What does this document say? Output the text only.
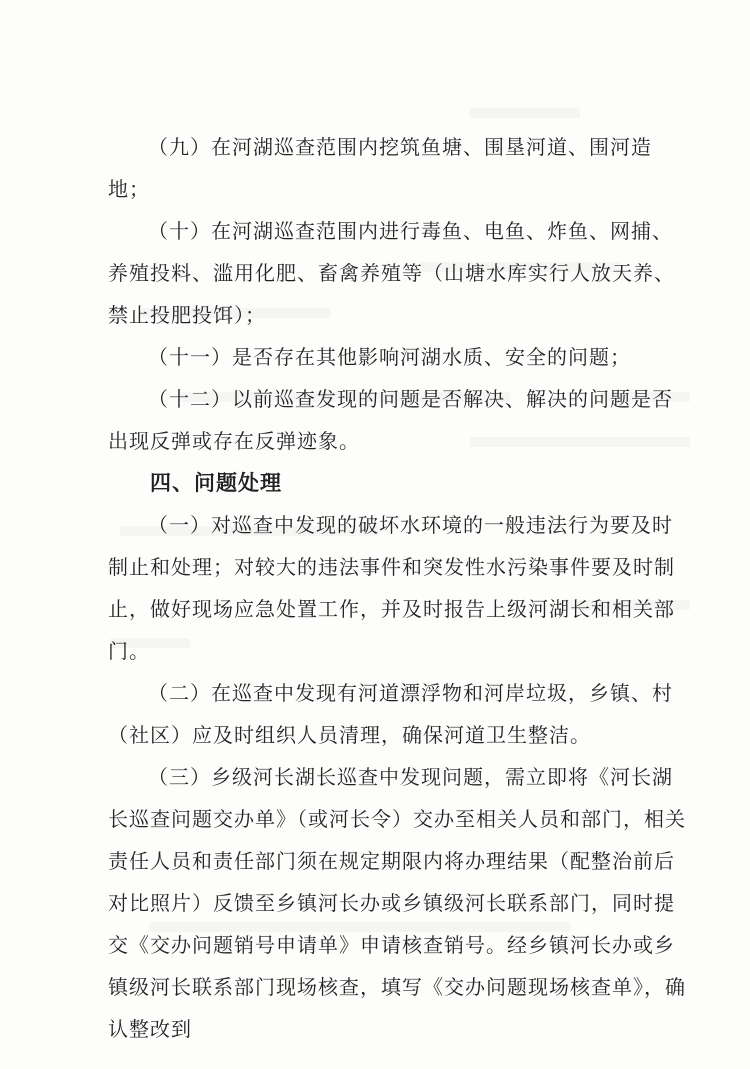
（九）在河湖巡查范围内挖筑鱼塘、围垦河道、围河造地；

（十）在河湖巡查范围内进行毒鱼、电鱼、炸鱼、网捕、养殖投料、滥用化肥、畜禽养殖等（山塘水库实行人放天养、禁止投肥投饵）；

（十一）是否存在其他影响河湖水质、安全的问题；

（十二）以前巡查发现的问题是否解决、解决的问题是否出现反弹或存在反弹迹象。

四、问题处理

（一）对巡查中发现的破坏水环境的一般违法行为要及时制止和处理；对较大的违法事件和突发性水污染事件要及时制止，做好现场应急处置工作，并及时报告上级河湖长和相关部门。

（二）在巡查中发现有河道漂浮物和河岸垃圾，乡镇、村（社区）应及时组织人员清理，确保河道卫生整洁。

（三）乡级河长湖长巡查中发现问题，需立即将《河长湖长巡查问题交办单》（或河长令）交办至相关人员和部门，相关责任人员和责任部门须在规定期限内将办理结果（配整治前后对比照片）反馈至乡镇河长办或乡镇级河长联系部门，同时提交《交办问题销号申请单》申请核查销号。经乡镇河长办或乡镇级河长联系部门现场核查，填写《交办问题现场核查单》，确认整改到
